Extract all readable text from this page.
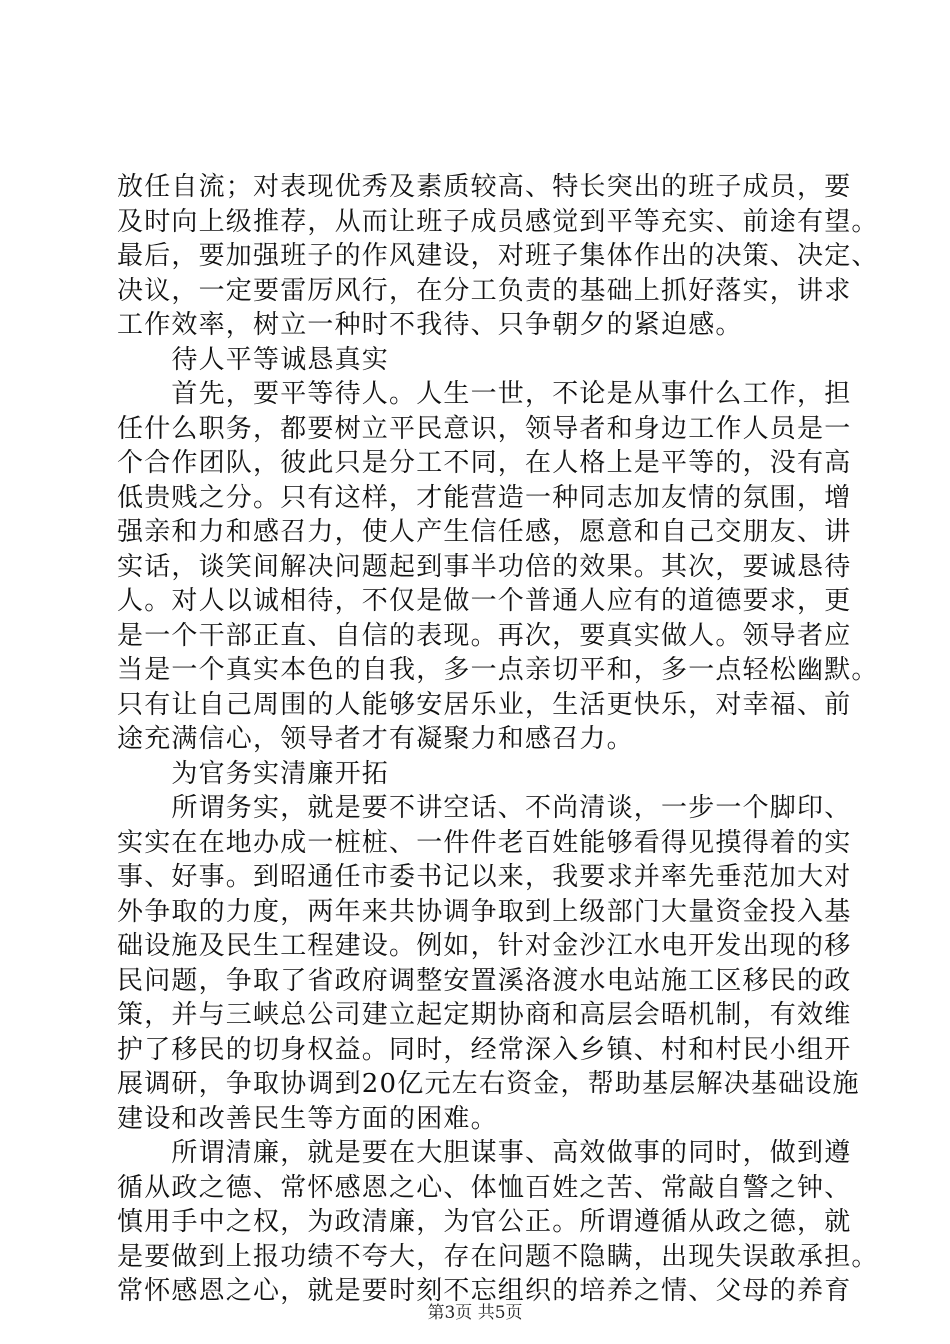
放任自流；对表现优秀及素质较高、特长突出的班子成员，要
及时向上级推荐，从而让班子成员感觉到平等充实、前途有望。
最后，要加强班子的作风建设，对班子集体作出的决策、决定、
决议，一定要雷厉风行，在分工负责的基础上抓好落实，讲求
工作效率，树立一种时不我待、只争朝夕的紧迫感。
　　待人平等诚恳真实
　　首先，要平等待人。人生一世，不论是从事什么工作，担
任什么职务，都要树立平民意识，领导者和身边工作人员是一
个合作团队，彼此只是分工不同，在人格上是平等的，没有高
低贵贱之分。只有这样，才能营造一种同志加友情的氛围，增
强亲和力和感召力，使人产生信任感，愿意和自己交朋友、讲
实话，谈笑间解决问题起到事半功倍的效果。其次，要诚恳待
人。对人以诚相待，不仅是做一个普通人应有的道德要求，更
是一个干部正直、自信的表现。再次，要真实做人。领导者应
当是一个真实本色的自我，多一点亲切平和，多一点轻松幽默。
只有让自己周围的人能够安居乐业，生活更快乐，对幸福、前
途充满信心，领导者才有凝聚力和感召力。
　　为官务实清廉开拓
　　所谓务实，就是要不讲空话、不尚清谈，一步一个脚印、
实实在在地办成一桩桩、一件件老百姓能够看得见摸得着的实
事、好事。到昭通任市委书记以来，我要求并率先垂范加大对
外争取的力度，两年来共协调争取到上级部门大量资金投入基
础设施及民生工程建设。例如，针对金沙江水电开发出现的移
民问题，争取了省政府调整安置溪洛渡水电站施工区移民的政
策，并与三峡总公司建立起定期协商和高层会晤机制，有效维
护了移民的切身权益。同时，经常深入乡镇、村和村民小组开
展调研，争取协调到20亿元左右资金，帮助基层解决基础设施
建设和改善民生等方面的困难。
　　所谓清廉，就是要在大胆谋事、高效做事的同时，做到遵
循从政之德、常怀感恩之心、体恤百姓之苦、常敲自警之钟、
慎用手中之权，为政清廉，为官公正。所谓遵循从政之德，就
是要做到上报功绩不夸大，存在问题不隐瞒，出现失误敢承担。
常怀感恩之心，就是要时刻不忘组织的培养之情、父母的养育
第3页 共5页
